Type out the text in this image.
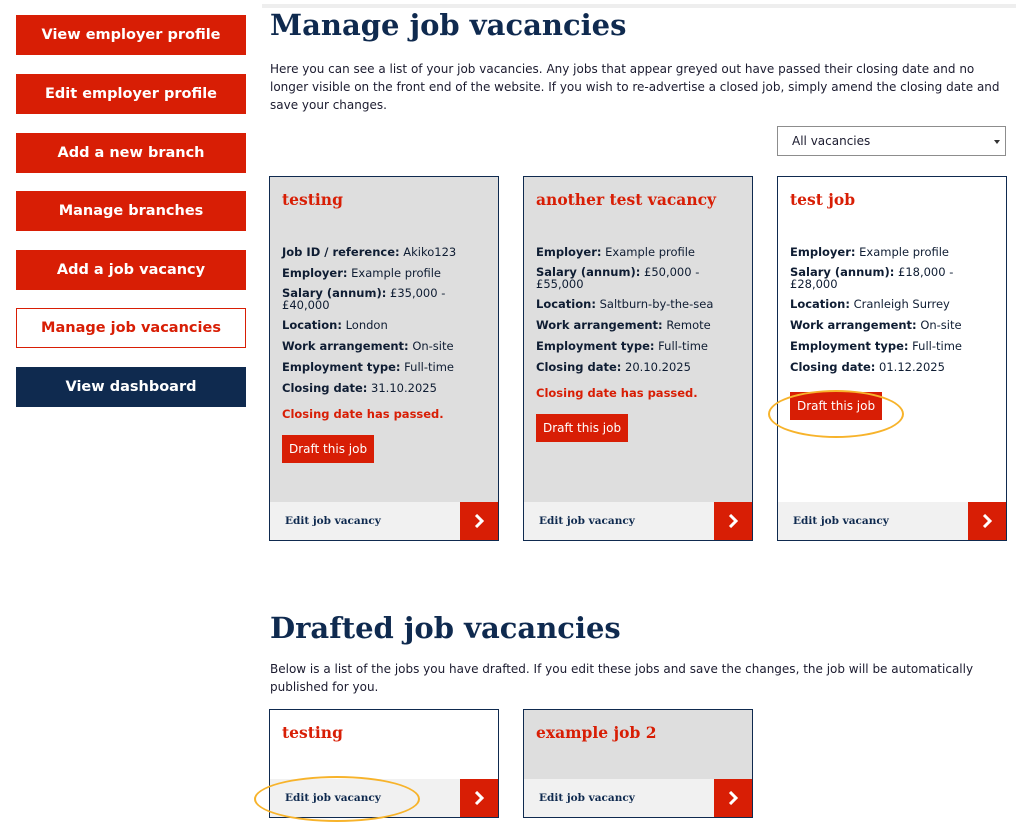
View employer profile
Edit employer profile
Add a new branch
Manage branches
Add a job vacancy
Manage job vacancies
View dashboard
Manage job vacancies
Here you can see a list of your job vacancies. Any jobs that appear greyed out have passed their closing date and no longer visible on the front end of the website. If you wish to re-advertise a closed job, simply amend the closing date and save your changes.
All vacancies
testing
Job ID / reference: Akiko123
Employer: Example profile
Salary (annum): £35,000 - £40,000
Location: London
Work arrangement: On-site
Employment type: Full-time
Closing date: 31.10.2025
Closing date has passed.
Draft this job
Edit job vacancy
another test vacancy
Employer: Example profile
Salary (annum): £50,000 - £55,000
Location: Saltburn-by-the-sea
Work arrangement: Remote
Employment type: Full-time
Closing date: 20.10.2025
Closing date has passed.
Draft this job
Edit job vacancy
test job
Employer: Example profile
Salary (annum): £18,000 - £28,000
Location: Cranleigh Surrey
Work arrangement: On-site
Employment type: Full-time
Closing date: 01.12.2025
Draft this job
Edit job vacancy
Drafted job vacancies
Below is a list of the jobs you have drafted. If you edit these jobs and save the changes, the job will be automatically published for you.
testing
Edit job vacancy
example job 2
Edit job vacancy
